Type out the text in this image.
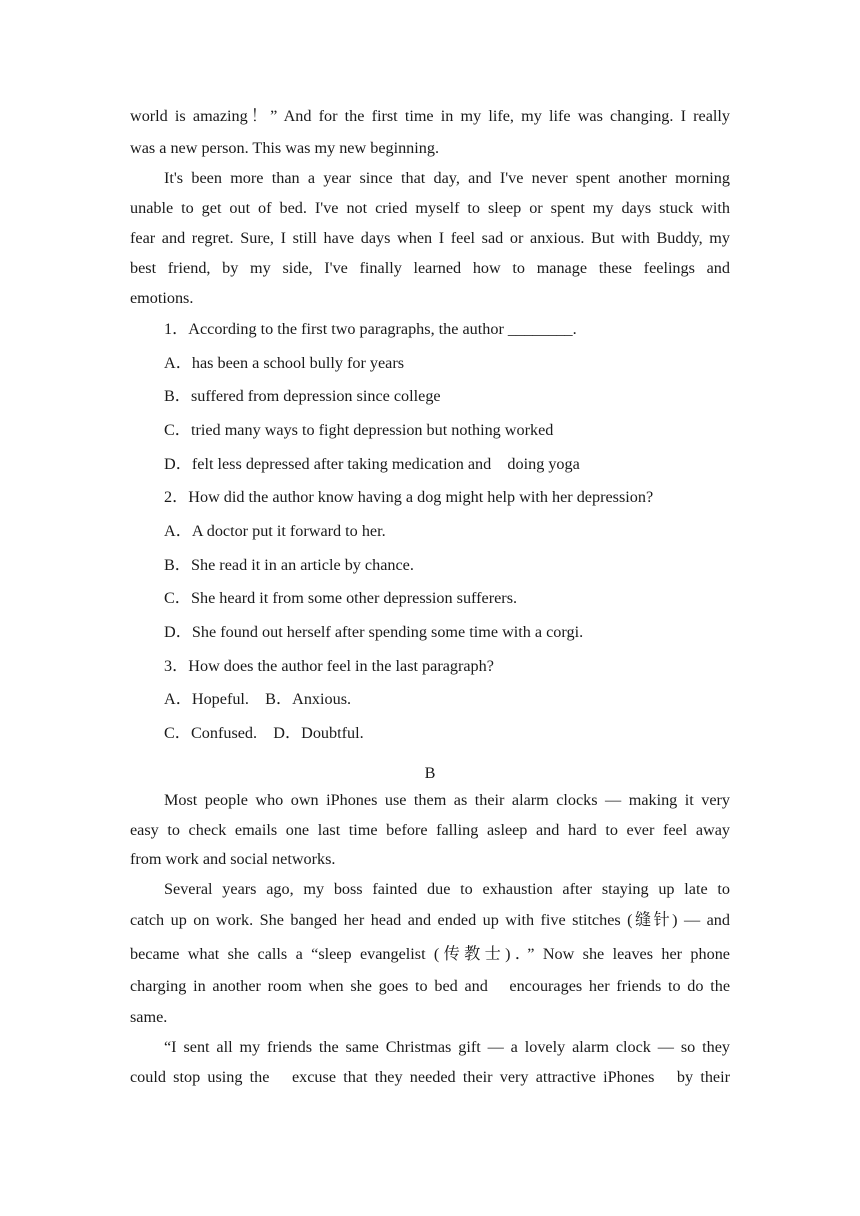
world is amazing！” And for the first time in my life, my life was changing. I really
was a new person. This was my new beginning.
It's been more than a year since that day, and I've never spent another morning
unable to get out of bed. I've not cried myself to sleep or spent my days stuck with
fear and regret. Sure, I still have days when I feel sad or anxious. But with Buddy, my
best friend, by my side, I've finally learned how to manage these feelings and
emotions.
1．According to the first two paragraphs, the author ________.
A．has been a school bully for years
B．suffered from depression since college
C．tried many ways to fight depression but nothing worked
D．felt less depressed after taking medication and　doing yoga
2．How did the author know having a dog might help with her depression?
A．A doctor put it forward to her.
B．She read it in an article by chance.
C．She heard it from some other depression sufferers.
D．She found out herself after spending some time with a corgi.
3．How does the author feel in the last paragraph?
A．Hopeful.　B．Anxious.
C．Confused.　D．Doubtful.
B
Most people who own iPhones use them as their alarm clocks — making it very
easy to check emails one last time before falling asleep and hard to ever feel away
from work and social networks.
Several years ago, my boss fainted due to exhaustion after staying up late to
catch up on work. She banged her head and ended up with five stitches (缝针) — and
became what she calls a “sleep evangelist (传教士)．” Now she leaves her phone
charging in another room when she goes to bed and　encourages her friends to do the
same.
“I sent all my friends the same Christmas gift — a lovely alarm clock — so they
could stop using the　excuse that they needed their very attractive iPhones　by their
